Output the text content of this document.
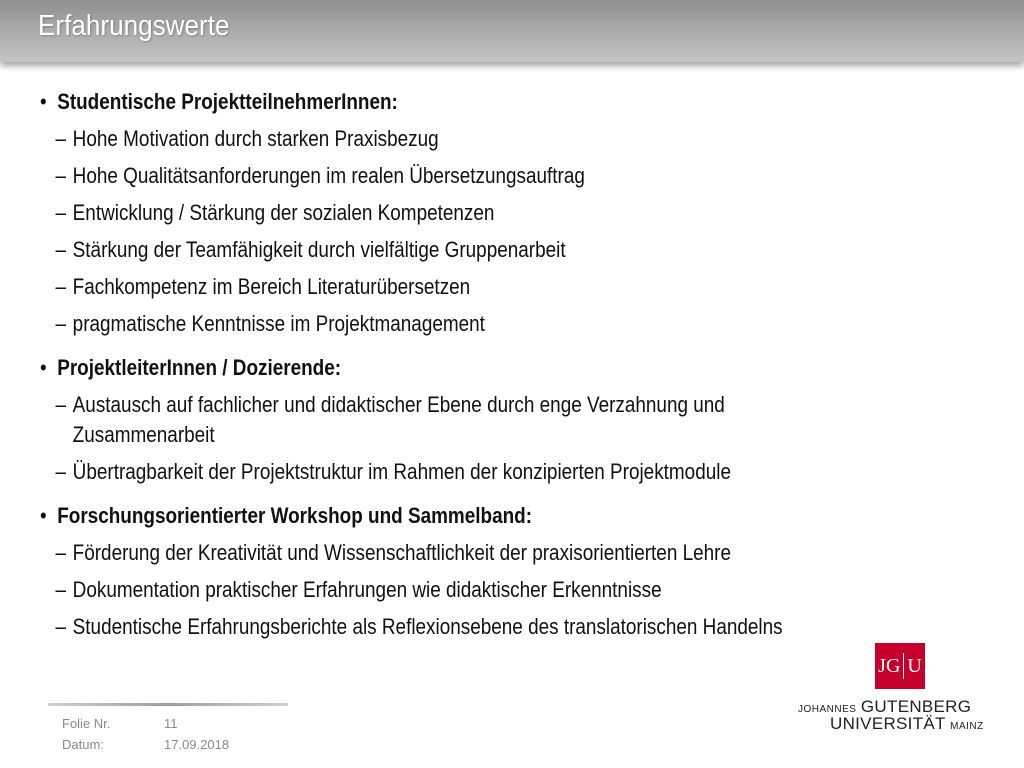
Erfahrungswerte
• Studentische ProjektteilnehmerInnen:
– Hohe Motivation durch starken Praxisbezug
– Hohe Qualitätsanforderungen im realen Übersetzungsauftrag
– Entwicklung / Stärkung der sozialen Kompetenzen
– Stärkung der Teamfähigkeit durch vielfältige Gruppenarbeit
– Fachkompetenz im Bereich Literaturübersetzen
– pragmatische Kenntnisse im Projektmanagement
• ProjektleiterInnen / Dozierende:
– Austausch auf fachlicher und didaktischer Ebene durch enge Verzahnung und Zusammenarbeit
– Übertragbarkeit der Projektstruktur im Rahmen der konzipierten Projektmodule
• Forschungsorientierter Workshop und Sammelband:
– Förderung der Kreativität und Wissenschaftlichkeit der praxisorientierten Lehre
– Dokumentation praktischer Erfahrungen wie didaktischer Erkenntnisse
– Studentische Erfahrungsberichte als Reflexionsebene des translatorischen Handelns
Folie Nr.	11
Datum:	17.09.2018
JG U
JOHANNES GUTENBERG
UNIVERSITÄT MAINZ
